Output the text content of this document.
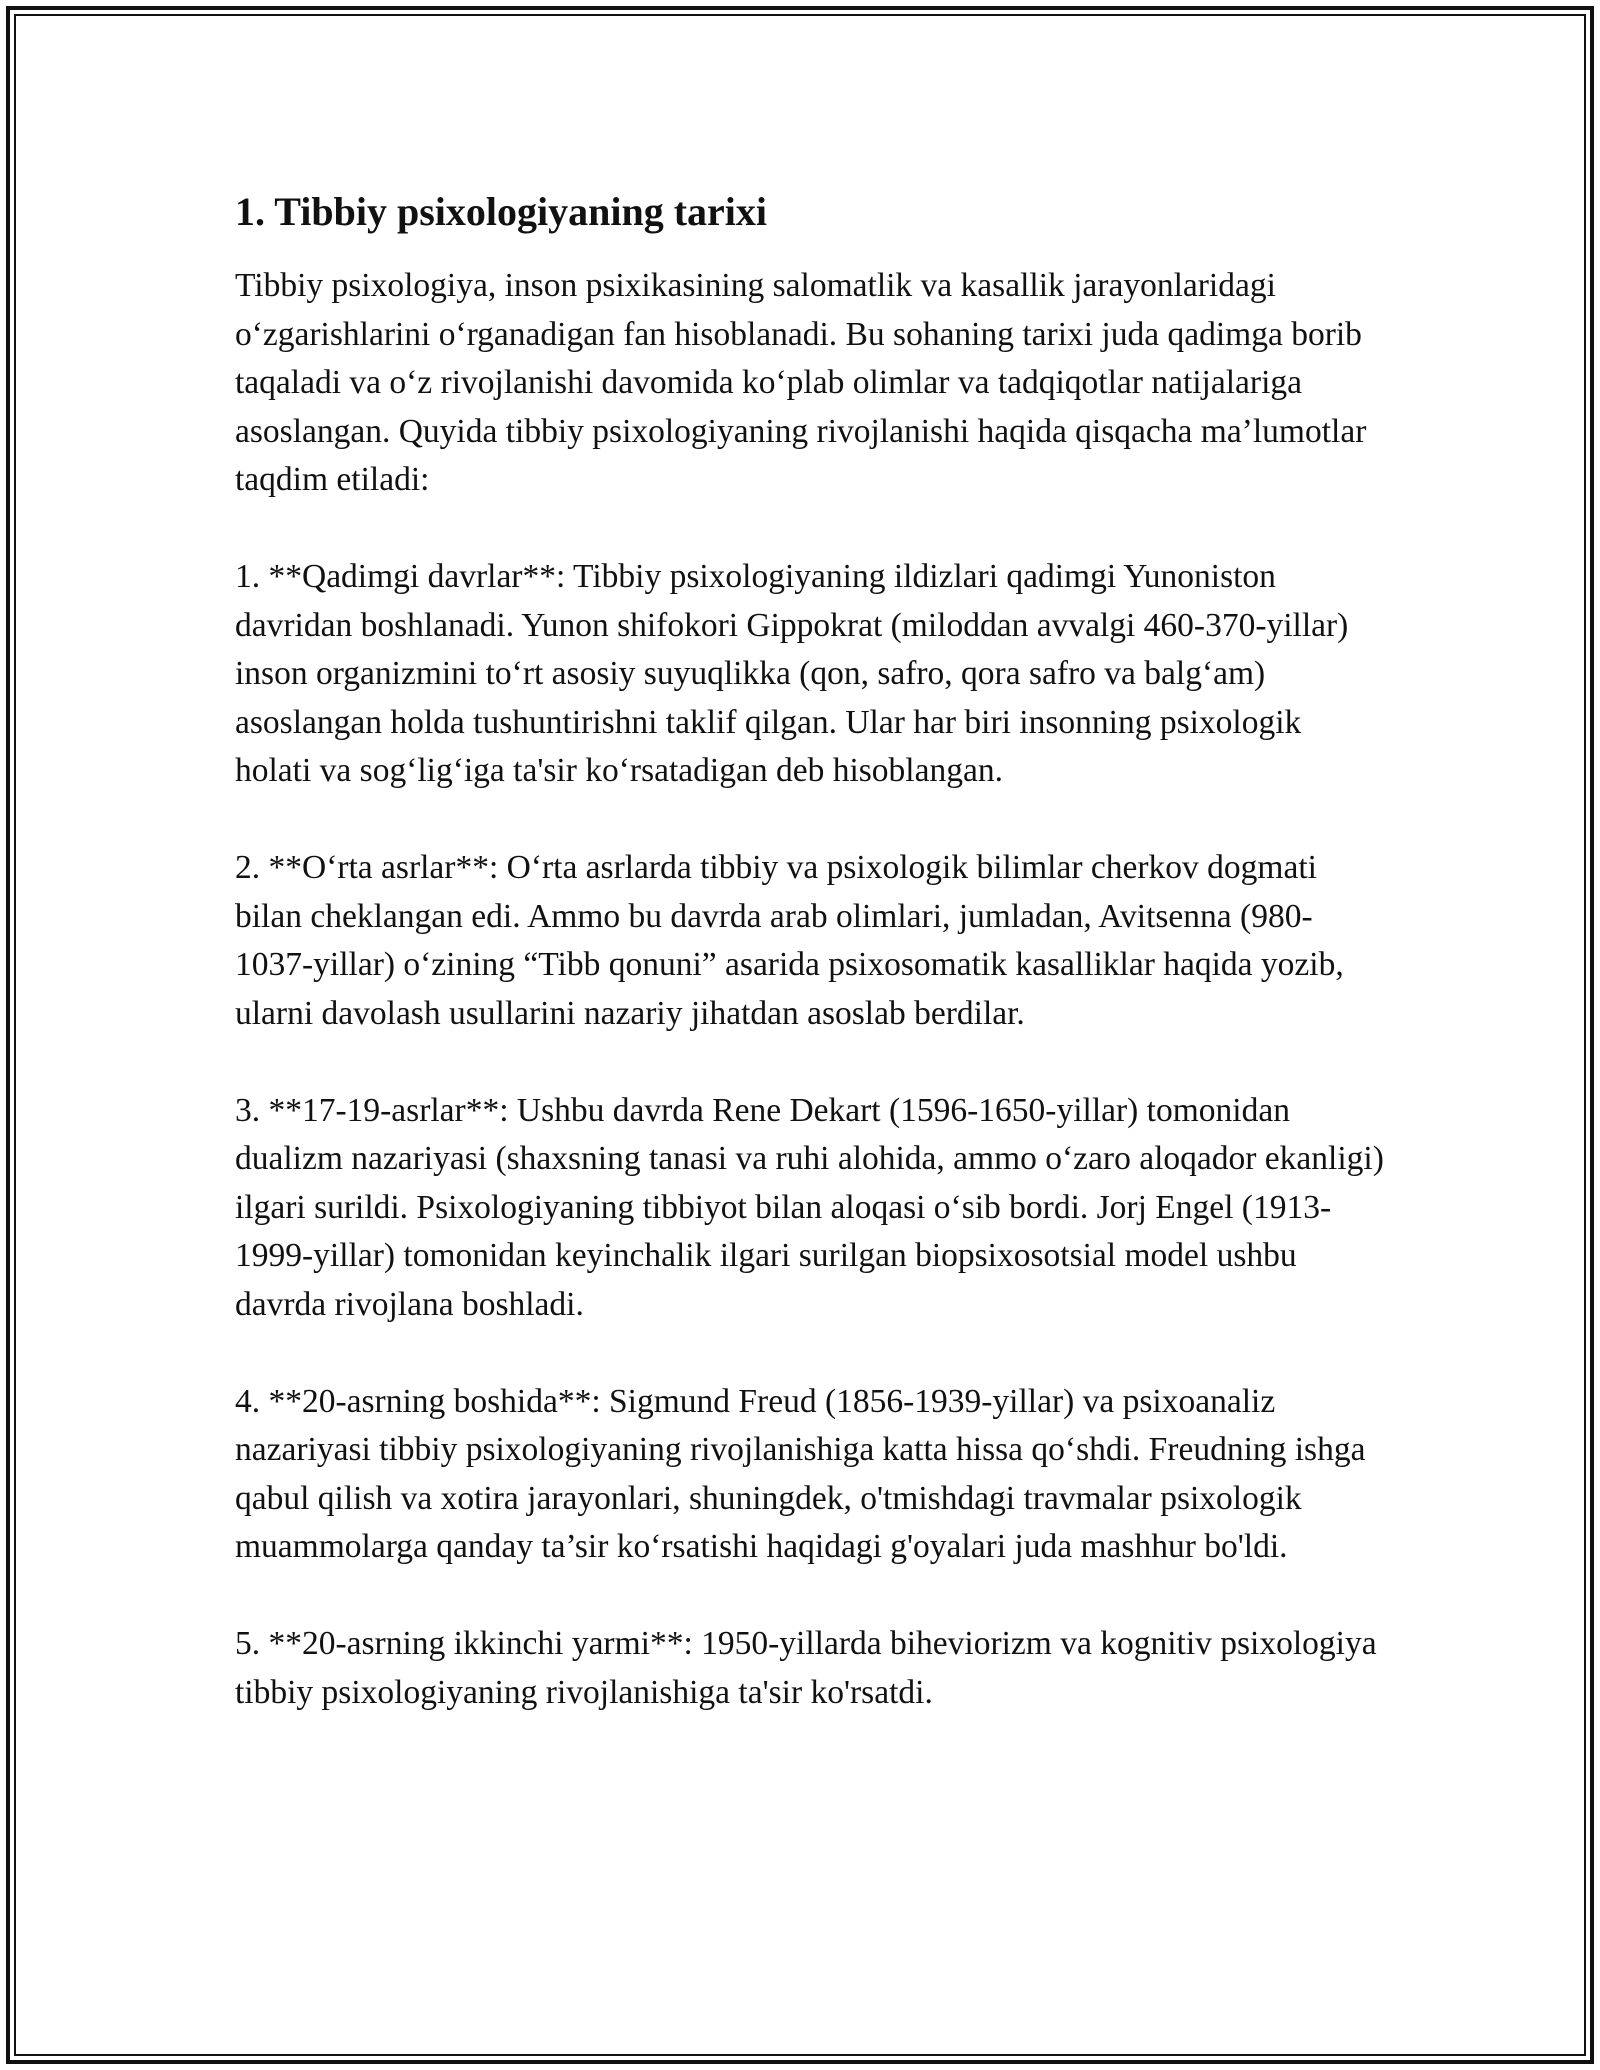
1. Tibbiy psixologiyaning tarixi

Tibbiy psixologiya, inson psixikasining salomatlik va kasallik jarayonlaridagi o‘zgarishlarini o‘rganadigan fan hisoblanadi. Bu sohaning tarixi juda qadimga borib taqaladi va o‘z rivojlanishi davomida ko‘plab olimlar va tadqiqotlar natijalariga asoslangan. Quyida tibbiy psixologiyaning rivojlanishi haqida qisqacha ma’lumotlar taqdim etiladi:

1. **Qadimgi davrlar**: Tibbiy psixologiyaning ildizlari qadimgi Yunoniston davridan boshlanadi. Yunon shifokori Gippokrat (miloddan avvalgi 460-370-yillar) inson organizmini to‘rt asosiy suyuqlikka (qon, safro, qora safro va balg‘am) asoslangan holda tushuntirishni taklif qilgan. Ular har biri insonning psixologik holati va sog‘lig‘iga ta'sir ko‘rsatadigan deb hisoblangan.

2. **O‘rta asrlar**: O‘rta asrlarda tibbiy va psixologik bilimlar cherkov dogmati bilan cheklangan edi. Ammo bu davrda arab olimlari, jumladan, Avitsenna (980-1037-yillar) o‘zining “Tibb qonuni” asarida psixosomatik kasalliklar haqida yozib, ularni davolash usullarini nazariy jihatdan asoslab berdilar.

3. **17-19-asrlar**: Ushbu davrda Rene Dekart (1596-1650-yillar) tomonidan dualizm nazariyasi (shaxsning tanasi va ruhi alohida, ammo o‘zaro aloqador ekanligi) ilgari surildi. Psixologiyaning tibbiyot bilan aloqasi o‘sib bordi. Jorj Engel (1913-1999-yillar) tomonidan keyinchalik ilgari surilgan biopsixosotsial model ushbu davrda rivojlana boshladi.

4. **20-asrning boshida**: Sigmund Freud (1856-1939-yillar) va psixoanaliz nazariyasi tibbiy psixologiyaning rivojlanishiga katta hissa qo‘shdi. Freudning ishga qabul qilish va xotira jarayonlari, shuningdek, o'tmishdagi travmalar psixologik muammolarga qanday ta’sir ko‘rsatishi haqidagi g'oyalari juda mashhur bo'ldi.

5. **20-asrning ikkinchi yarmi**: 1950-yillarda biheviorizm va kognitiv psixologiya tibbiy psixologiyaning rivojlanishiga ta'sir ko'rsatdi.
